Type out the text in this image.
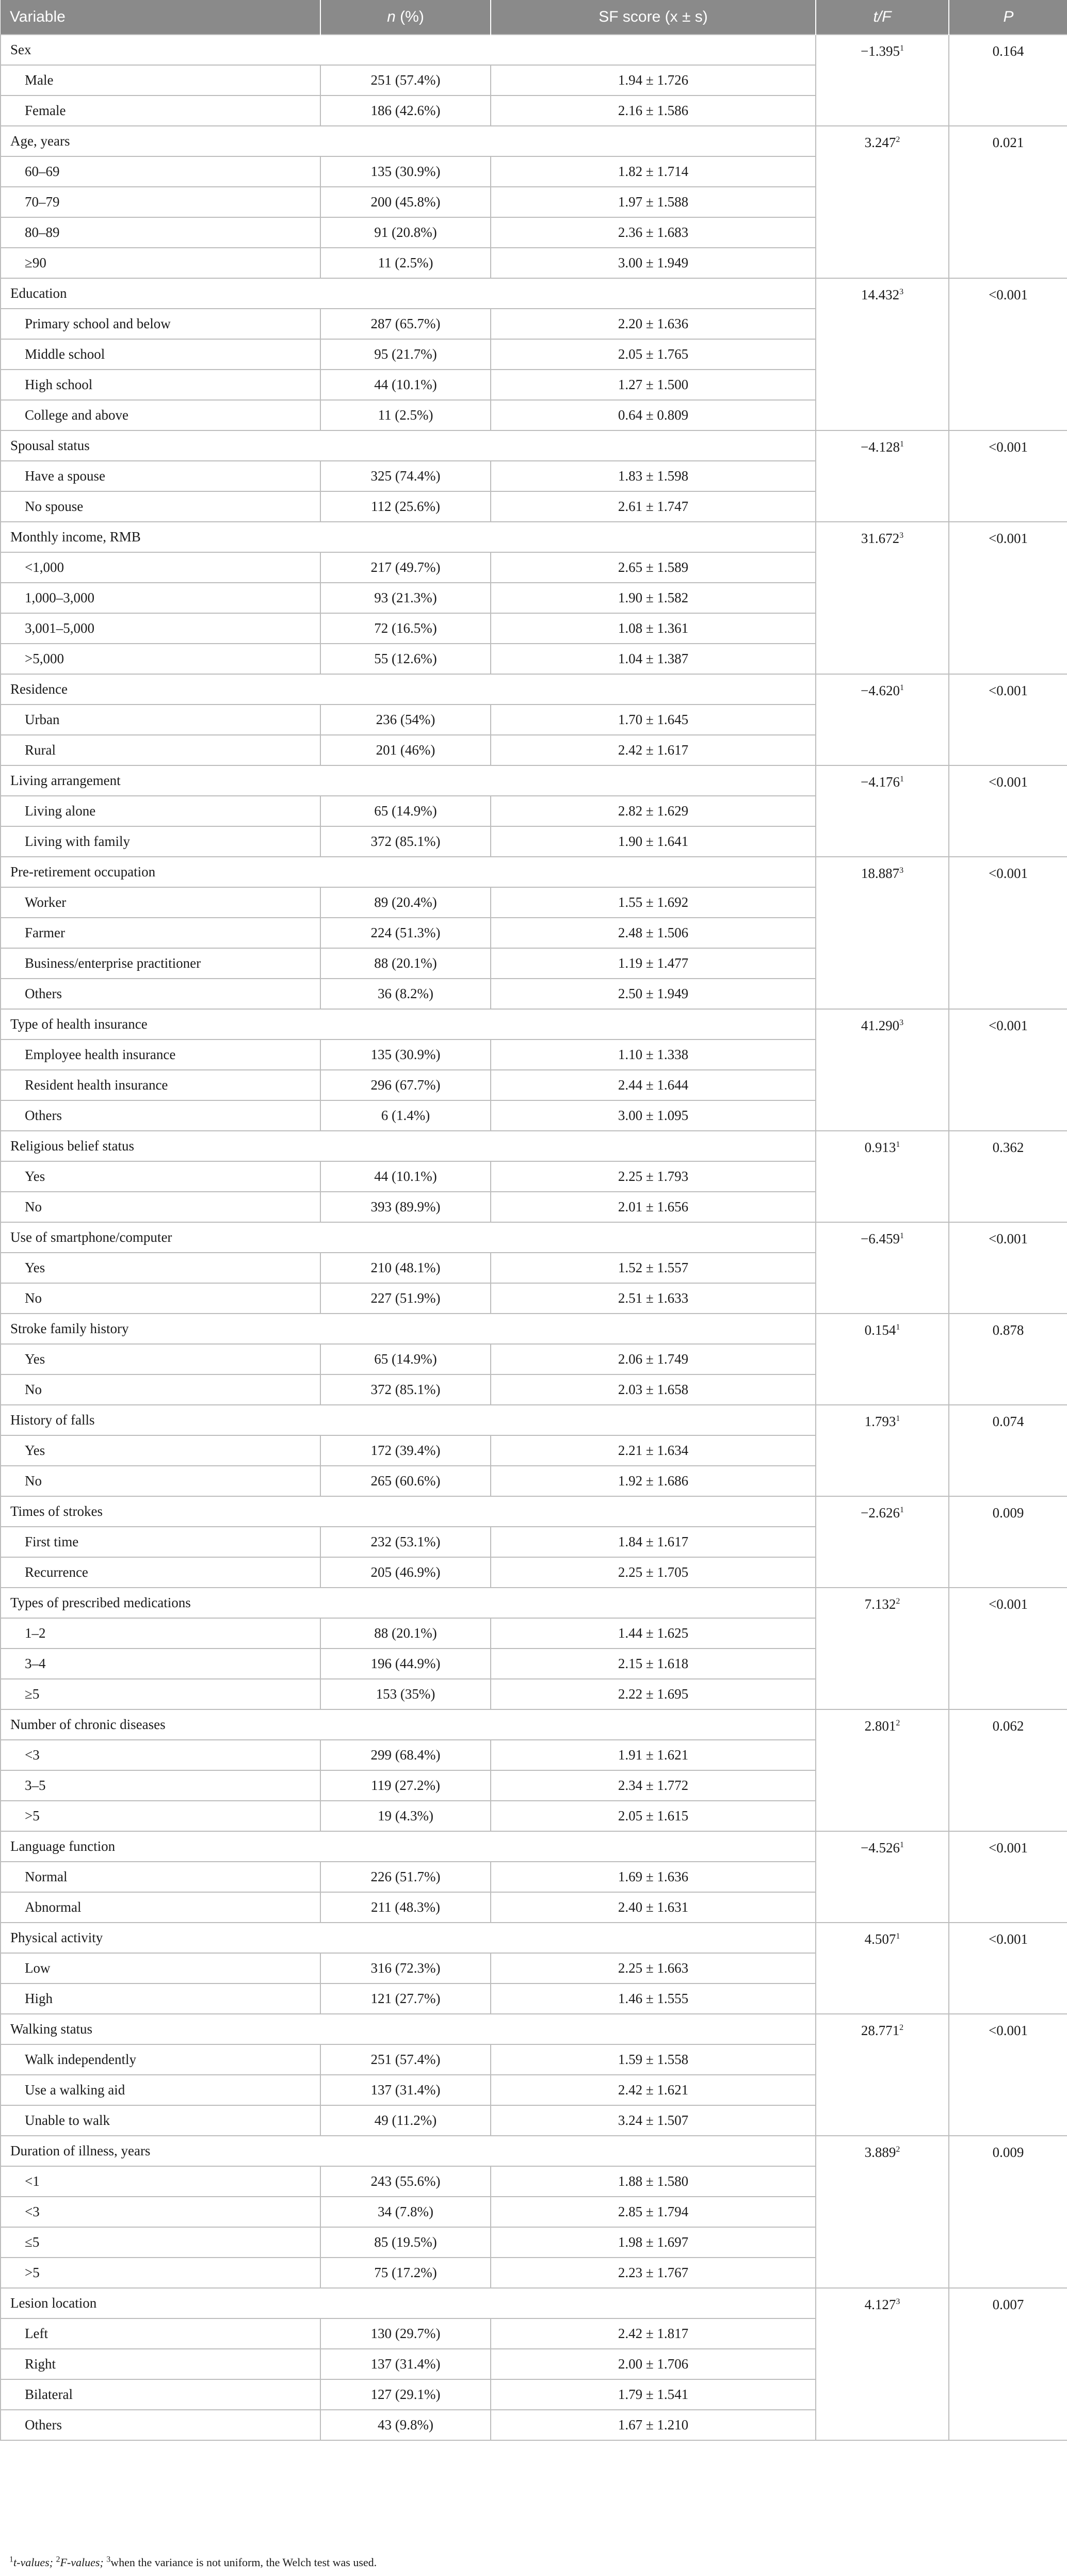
Variable	n (%)	SF score (x ± s)	t/F	P
Sex			$-1.395^1$	0.164
Male	251 (57.4%)	1.94 ± 1.726		
Female	186 (42.6%)	2.16 ± 1.586		
Age, years			3.247$^2$	0.021
60–69	135 (30.9%)	1.82 ± 1.714		
70–79	200 (45.8%)	1.97 ± 1.588		
80–89	91 (20.8%)	2.36 ± 1.683		
≥90	11 (2.5%)	3.00 ± 1.949		
Education			$14.432^3$	<0.001
Primary school and below	287 (65.7%)	2.20 ± 1.636		
Middle school	95 (21.7%)	2.05 ± 1.765		
High school	44 (10.1%)	1.27 ± 1.500		
College and above	11 (2.5%)	0.64 ± 0.809		
Spousal status			$-4.128^1$	<0.001
Have a spouse	325 (74.4%)	1.83 ± 1.598		
No spouse	112 (25.6%)	2.61 ± 1.747		
Monthly income, RMB			$31.672^3$	<0.001
<1,000	217 (49.7%)	2.65 ± 1.589		
1,000–3,000	93 (21.3%)	1.90 ± 1.582		
3,001–5,000	72 (16.5%)	1.08 ± 1.361		
>5,000	55 (12.6%)	1.04 ± 1.387		
Residence			$-4.620^1$	<0.001
Urban	236 (54%)	1.70 ± 1.645		
Rural	201 (46%)	2.42 ± 1.617		
Living arrangement			$-4.176^1$	<0.001
Living alone	65 (14.9%)	2.82 ± 1.629		
Living with family	372 (85.1%)	1.90 ± 1.641		
Pre-retirement occupation			$18.887^3$	<0.001
Worker	89 (20.4%)	1.55 ± 1.692		
Farmer	224 (51.3%)	2.48 ± 1.506		
Business/enterprise practitioner	88 (20.1%)	1.19 ± 1.477		
Others	36 (8.2%)	2.50 ± 1.949		
Type of health insurance			$41.290^3$	<0.001
Employee health insurance	135 (30.9%)	1.10 ± 1.338		
Resident health insurance	296 (67.7%)	2.44 ± 1.644		
Others	6 (1.4%)	3.00 ± 1.095		
Religious belief status			0.913$^1$	0.362
Yes	44 (10.1%)	2.25 ± 1.793		
No	393 (89.9%)	2.01 ± 1.656		
Use of smartphone/computer			$-6.459^1$	<0.001
Yes	210 (48.1%)	1.52 ± 1.557		
No	227 (51.9%)	2.51 ± 1.633		
Stroke family history			0.154$^1$	0.878
Yes	65 (14.9%)	2.06 ± 1.749		
No	372 (85.1%)	2.03 ± 1.658		
History of falls			1.793$^1$	0.074
Yes	172 (39.4%)	2.21 ± 1.634		
No	265 (60.6%)	1.92 ± 1.686		
Times of strokes			$-2.626^1$	0.009
First time	232 (53.1%)	1.84 ± 1.617		
Recurrence	205 (46.9%)	2.25 ± 1.705		
Types of prescribed medications			$7.132^2$	<0.001
1–2	88 (20.1%)	1.44 ± 1.625		
3–4	196 (44.9%)	2.15 ± 1.618		
≥5	153 (35%)	2.22 ± 1.695		
Number of chronic diseases			2.801$^2$	0.062
<3	299 (68.4%)	1.91 ± 1.621		
3–5	119 (27.2%)	2.34 ± 1.772		
>5	19 (4.3%)	2.05 ± 1.615		
Language function			$-4.526^1$	<0.001
Normal	226 (51.7%)	1.69 ± 1.636		
Abnormal	211 (48.3%)	2.40 ± 1.631		
Physical activity			$4.507^1$	<0.001
Low	316 (72.3%)	2.25 ± 1.663		
High	121 (27.7%)	1.46 ± 1.555		
Walking status			$28.771^2$	<0.001
Walk independently	251 (57.4%)	1.59 ± 1.558		
Use a walking aid	137 (31.4%)	2.42 ± 1.621		
Unable to walk	49 (11.2%)	3.24 ± 1.507		
Duration of illness, years			3.889$^2$	0.009
<1	243 (55.6%)	1.88 ± 1.580		
<3	34 (7.8%)	2.85 ± 1.794		
≤5	85 (19.5%)	1.98 ± 1.697		
>5	75 (17.2%)	2.23 ± 1.767		
Lesion location			4.127$^3$	0.007
Left	130 (29.7%)	2.42 ± 1.817		
Right	137 (31.4%)	2.00 ± 1.706		
Bilateral	127 (29.1%)	1.79 ± 1.541		
Others	43 (9.8%)	1.67 ± 1.210		
$^1$t-values; $^2$F-values; $^3$when the variance is not uniform, the Welch test was used.
